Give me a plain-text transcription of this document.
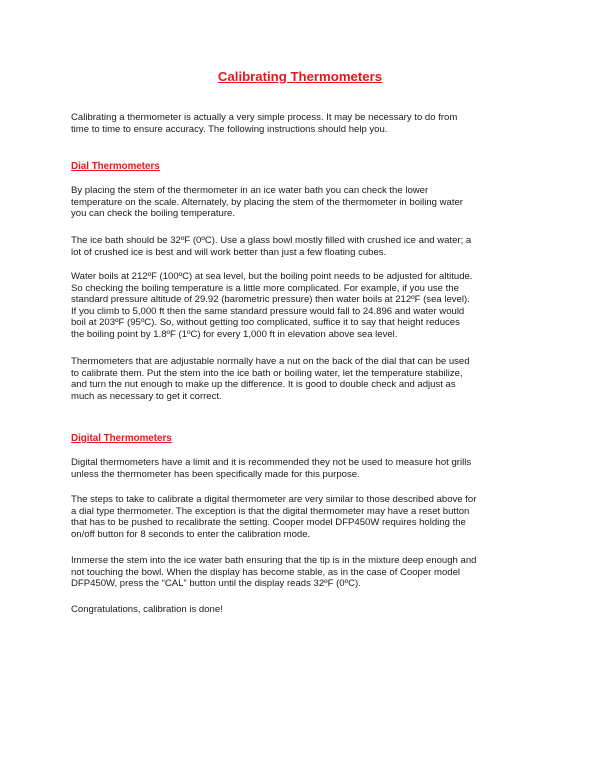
Calibrating Thermometers

Calibrating a thermometer is actually a very simple process. It may be necessary to do from
time to time to ensure accuracy. The following instructions should help you.

Dial Thermometers

By placing the stem of the thermometer in an ice water bath you can check the lower
temperature on the scale. Alternately, by placing the stem of the thermometer in boiling water
you can check the boiling temperature.

The ice bath should be 32ºF (0ºC). Use a glass bowl mostly filled with crushed ice and water; a
lot of crushed ice is best and will work better than just a few floating cubes.

Water boils at 212ºF (100ºC) at sea level, but the boiling point needs to be adjusted for altitude.
So checking the boiling temperature is a little more complicated. For example, if you use the
standard pressure altitude of 29.92 (barometric pressure) then water boils at 212ºF (sea level).
If you climb to 5,000 ft then the same standard pressure would fall to 24.896 and water would
boil at 203ºF (95ºC). So, without getting too complicated, suffice it to say that height reduces
the boiling point by 1.8ºF (1ºC) for every 1,000 ft in elevation above sea level.

Thermometers that are adjustable normally have a nut on the back of the dial that can be used
to calibrate them. Put the stem into the ice bath or boiling water, let the temperature stabilize,
and turn the nut enough to make up the difference. It is good to double check and adjust as
much as necessary to get it correct.

Digital Thermometers

Digital thermometers have a limit and it is recommended they not be used to measure hot grills
unless the thermometer has been specifically made for this purpose.

The steps to take to calibrate a digital thermometer are very similar to those described above for
a dial type thermometer. The exception is that the digital thermometer may have a reset button
that has to be pushed to recalibrate the setting. Cooper model DFP450W requires holding the
on/off button for 8 seconds to enter the calibration mode.

Immerse the stem into the ice water bath ensuring that the tip is in the mixture deep enough and
not touching the bowl. When the display has become stable, as in the case of Cooper model
DFP450W, press the “CAL” button until the display reads 32ºF (0ºC).

Congratulations, calibration is done!
